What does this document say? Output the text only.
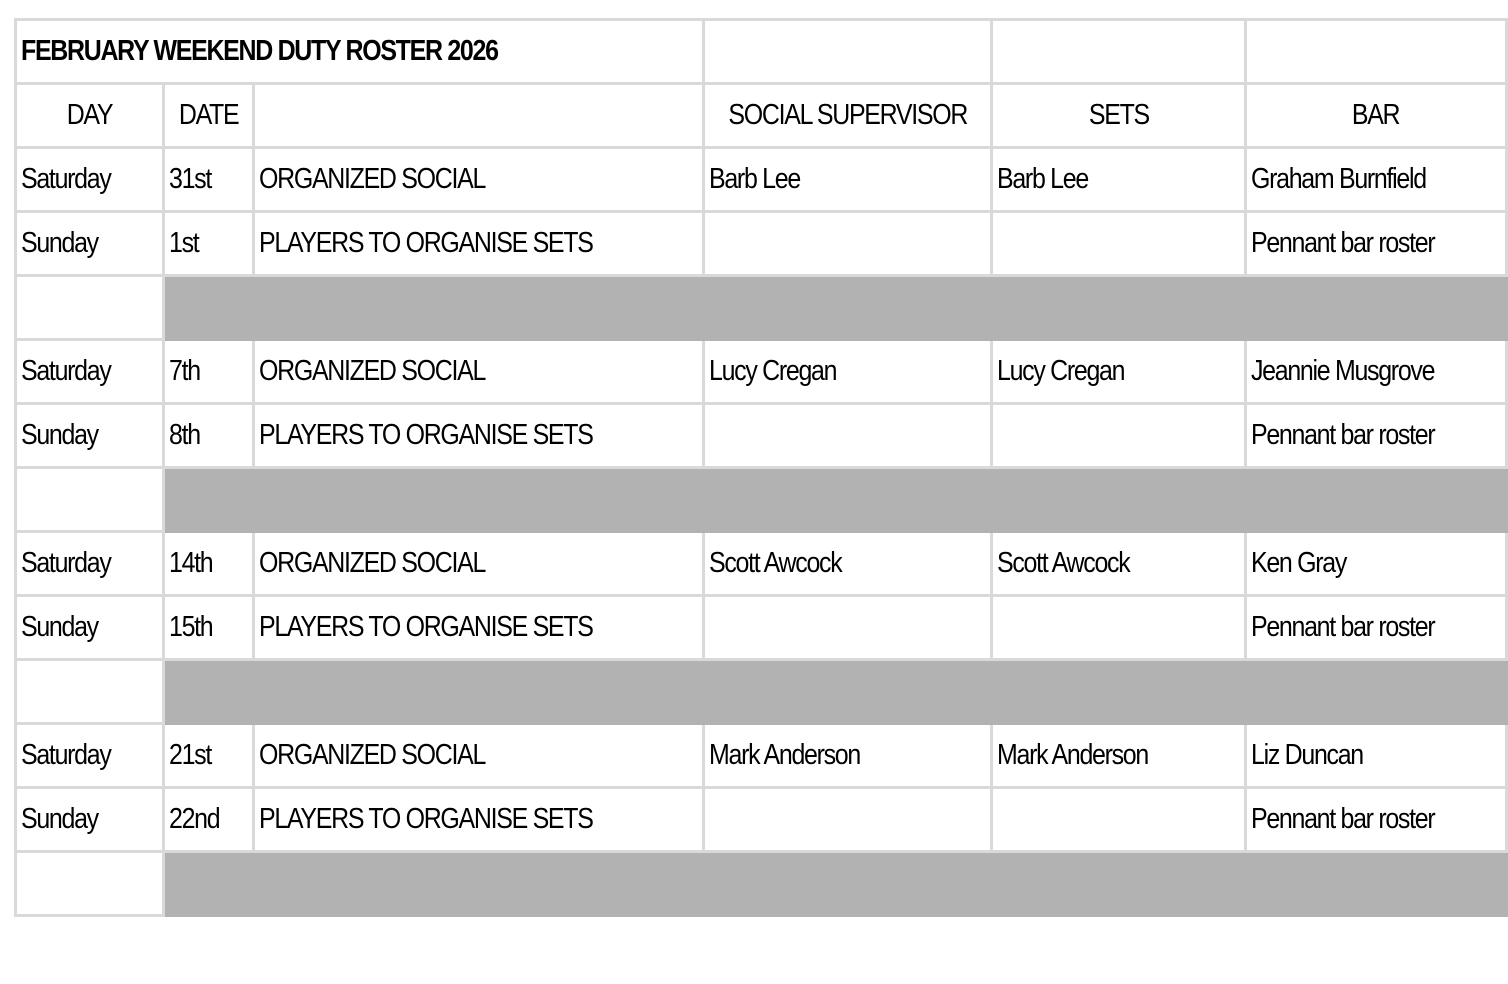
FEBRUARY WEEKEND DUTY ROSTER 2026					
DAY	DATE		SOCIAL SUPERVISOR	SETS	BAR
Saturday	31st	ORGANIZED SOCIAL	Barb Lee	Barb Lee	Graham Burnfield
Sunday	1st	PLAYERS TO ORGANISE SETS			Pennant bar roster

Saturday	7th	ORGANIZED SOCIAL	Lucy Cregan	Lucy Cregan	Jeannie Musgrove
Sunday	8th	PLAYERS TO ORGANISE SETS			Pennant bar roster

Saturday	14th	ORGANIZED SOCIAL	Scott Awcock	Scott Awcock	Ken Gray
Sunday	15th	PLAYERS TO ORGANISE SETS			Pennant bar roster

Saturday	21st	ORGANIZED SOCIAL	Mark Anderson	Mark Anderson	Liz Duncan
Sunday	22nd	PLAYERS TO ORGANISE SETS			Pennant bar roster
